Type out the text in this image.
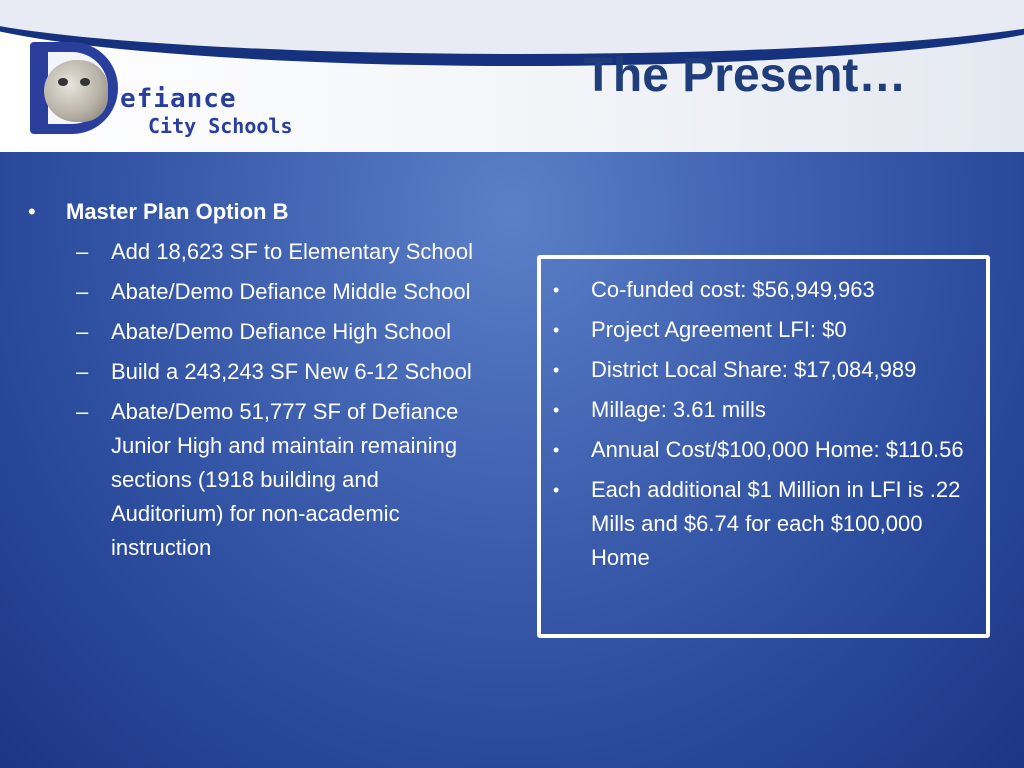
efiance
City Schools
The Present…
• Master Plan Option B
– Add 18,623 SF to Elementary School
– Abate/Demo Defiance Middle School
– Abate/Demo Defiance High School
– Build a 243,243 SF New 6-12 School
– Abate/Demo 51,777 SF of Defiance Junior High and maintain remaining sections (1918 building and Auditorium) for non-academic instruction
• Co-funded cost: $56,949,963
• Project Agreement LFI: $0
• District Local Share: $17,084,989
• Millage: 3.61 mills
• Annual Cost/$100,000 Home: $110.56
• Each additional $1 Million in LFI is .22 Mills and $6.74 for each $100,000 Home
